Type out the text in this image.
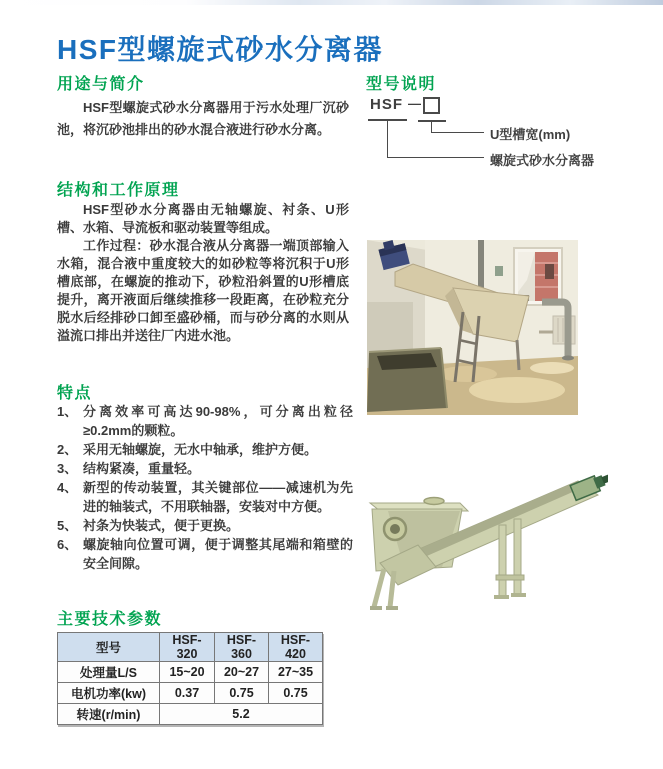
HSF型螺旋式砂水分离器
用途与简介

HSF型螺旋式砂水分离器用于污水处理厂沉砂池，将沉砂池排出的砂水混合液进行砂水分离。

结构和工作原理

HSF型砂水分离器由无轴螺旋、衬条、U形槽、水箱、导流板和驱动装置等组成。

工作过程：砂水混合液从分离器一端顶部输入水箱，混合液中重度较大的如砂粒等将沉积于U形槽底部，在螺旋的推动下，砂粒沿斜置的U形槽底提升，离开液面后继续推移一段距离，在砂粒充分脱水后经排砂口卸至盛砂桶，而与砂分离的水则从溢流口排出并送往厂内进水池。

特点
1、 分离效率可高达90-98%，可分离出粒径≥0.2mm的颗粒。
2、 采用无轴螺旋，无水中轴承，维护方便。
3、 结构紧凑，重量轻。
4、 新型的传动装置，其关键部位——减速机为先进的轴装式，不用联轴器，安装对中方便。
5、 衬条为快装式，便于更换。
6、 螺旋轴向位置可调，便于调整其尾端和箱壁的安全间隙。
主要技术参数
型号	HSF-320	HSF-360	HSF-420
处理量L/S	15~20	20~27	27~35
电机功率(kw)	0.37	0.75	0.75
转速(r/min)	5.2		
型号说明
HSF —
U型槽宽(mm)
螺旋式砂水分离器
